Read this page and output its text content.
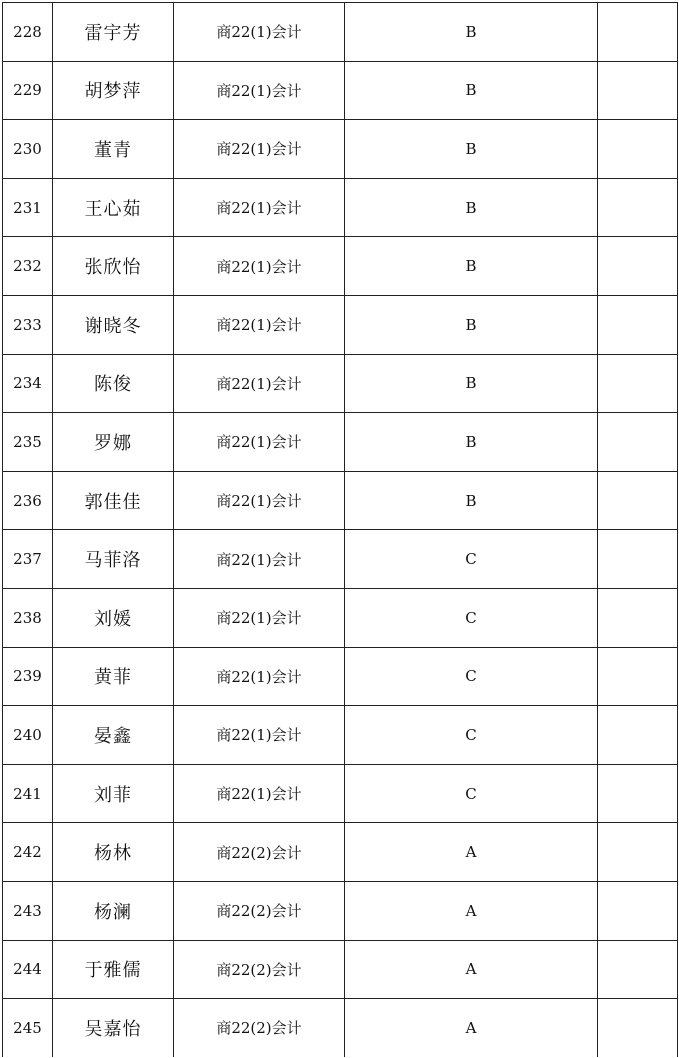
228	雷宇芳	商22(1)会计	B	
229	胡梦萍	商22(1)会计	B	
230	董青	商22(1)会计	B	
231	王心茹	商22(1)会计	B	
232	张欣怡	商22(1)会计	B	
233	谢晓冬	商22(1)会计	B	
234	陈俊	商22(1)会计	B	
235	罗娜	商22(1)会计	B	
236	郭佳佳	商22(1)会计	B	
237	马菲洛	商22(1)会计	C	
238	刘媛	商22(1)会计	C	
239	黄菲	商22(1)会计	C	
240	晏鑫	商22(1)会计	C	
241	刘菲	商22(1)会计	C	
242	杨林	商22(2)会计	A	
243	杨澜	商22(2)会计	A	
244	于雅儒	商22(2)会计	A	
245	吴嘉怡	商22(2)会计	A	
